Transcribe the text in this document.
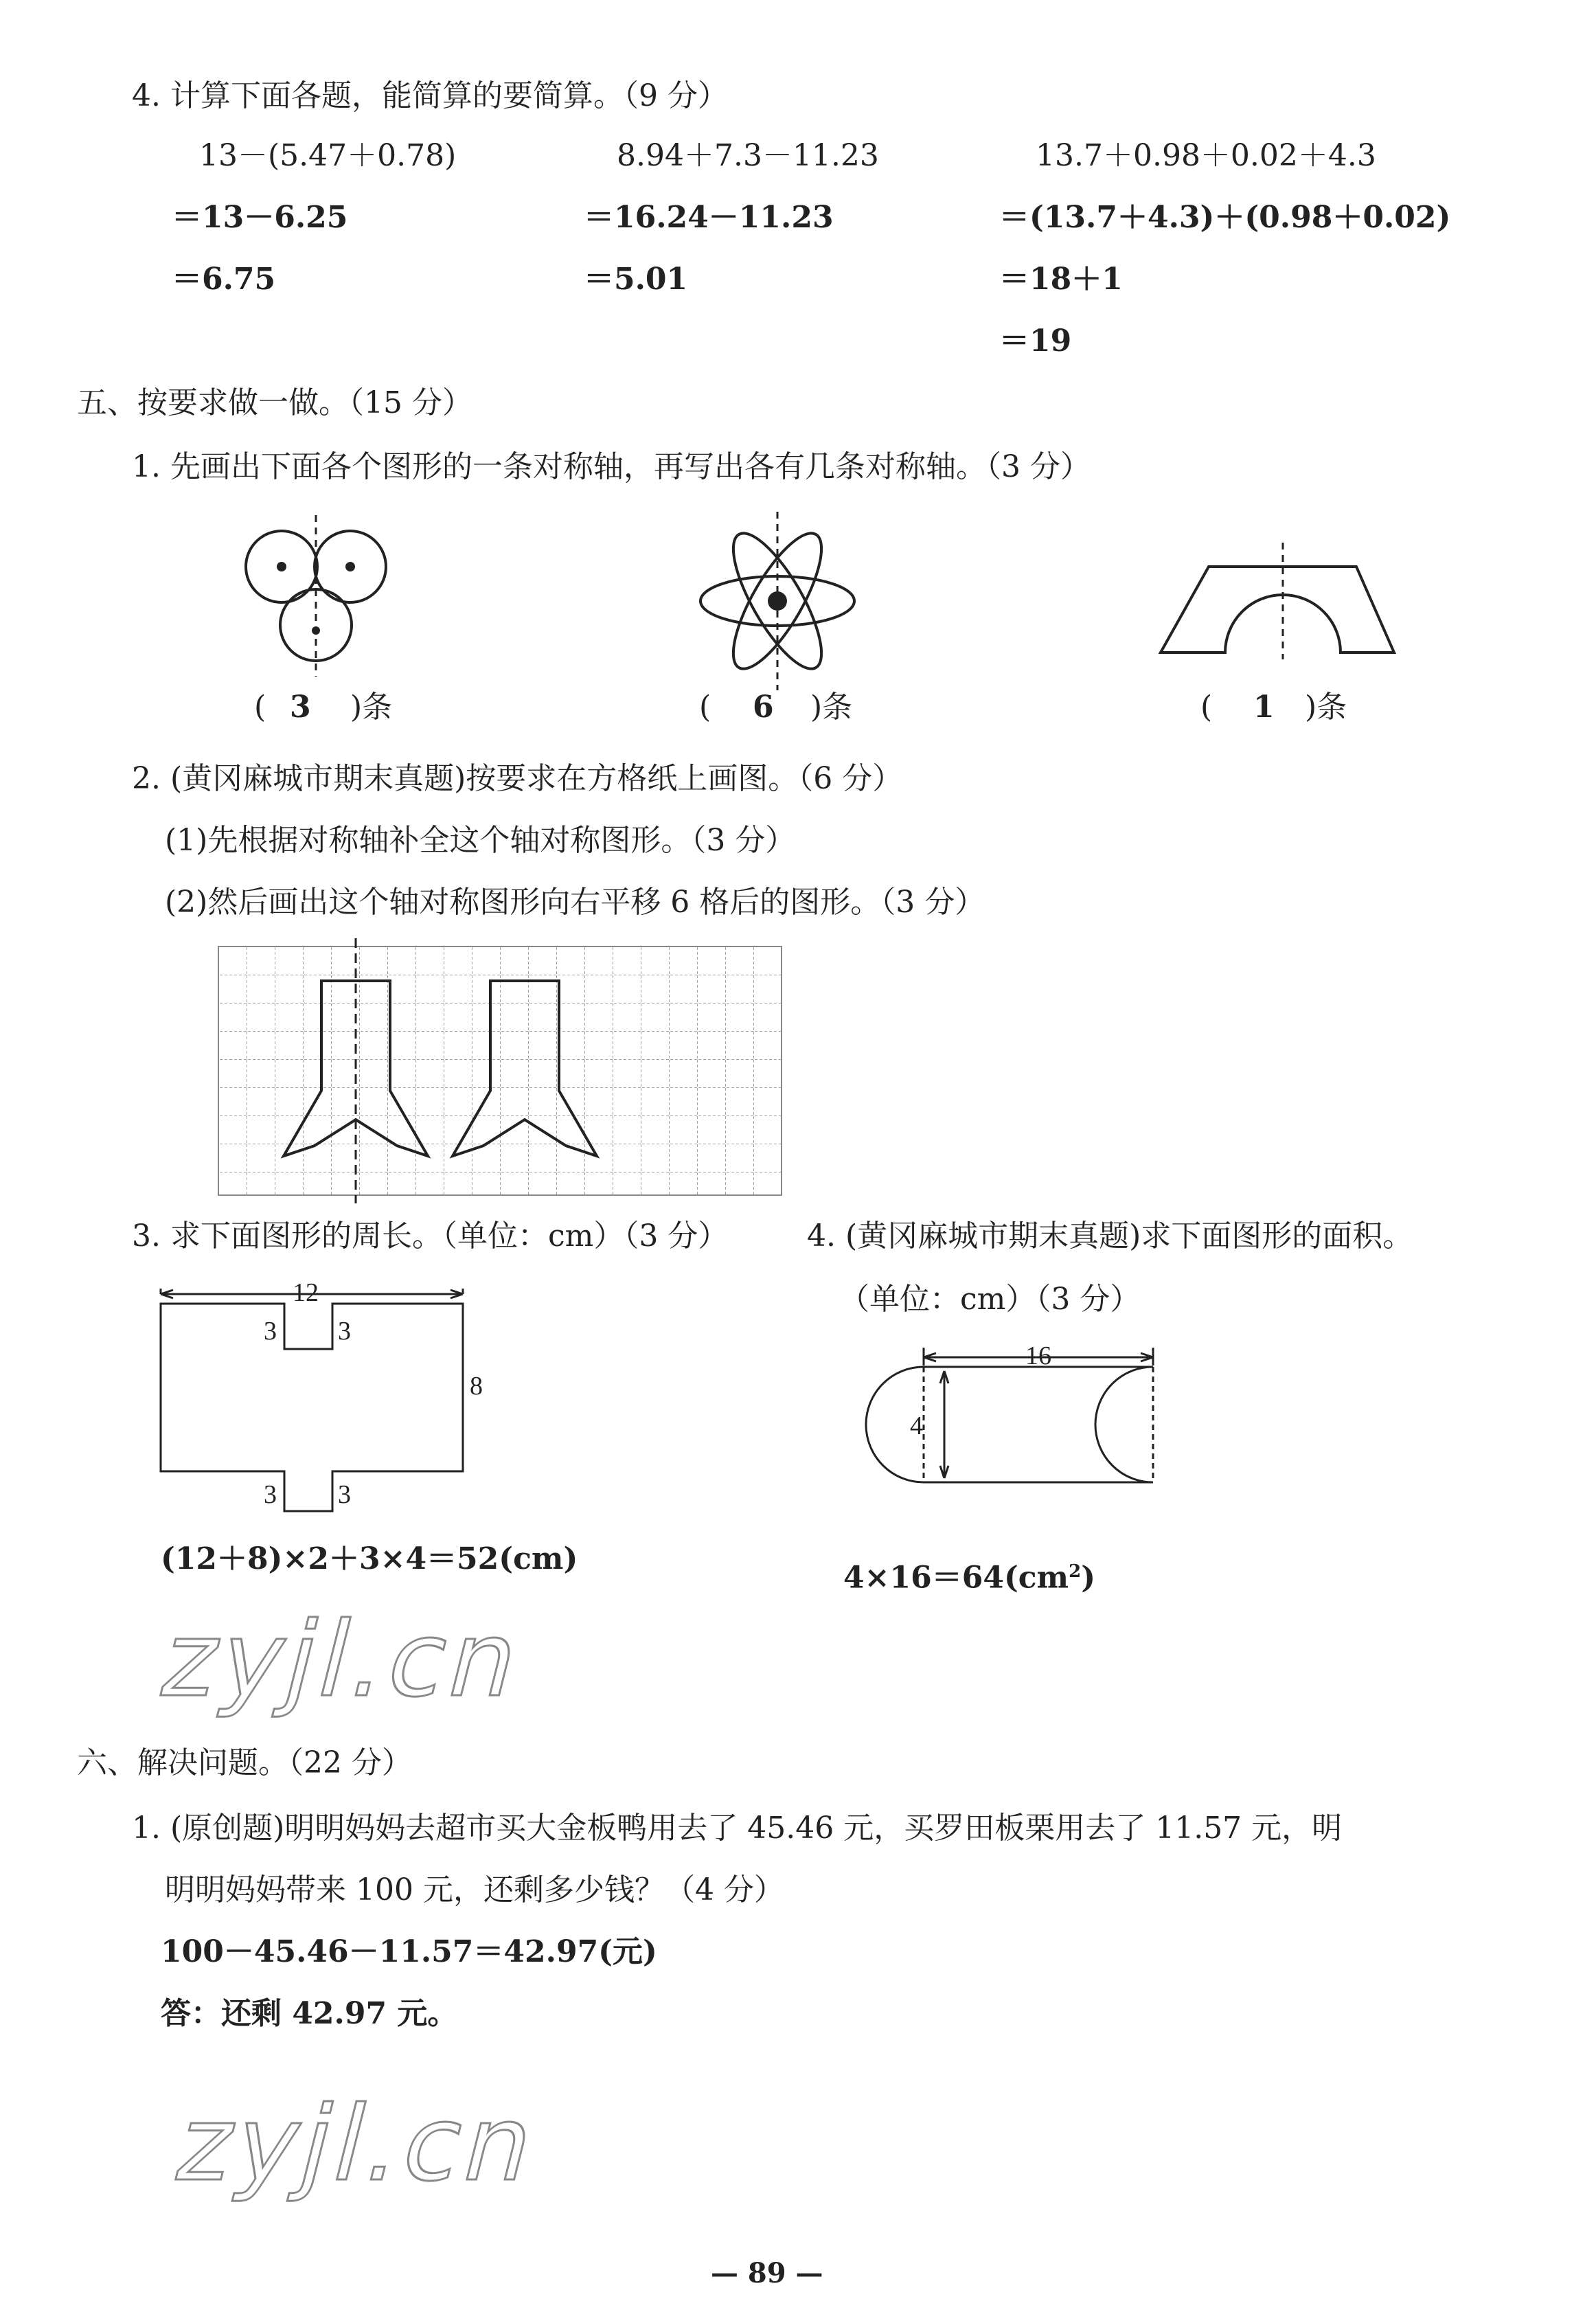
4. 计算下面各题，能简算的要简算。（9 分）
13－(5.47＋0.78)
＝13－6.25
＝6.75
8.94＋7.3－11.23
＝16.24－11.23
＝5.01
13.7＋0.98＋0.02＋4.3
＝(13.7＋4.3)＋(0.98＋0.02)
＝18＋1
＝19
五、按要求做一做。（15 分）
1. 先画出下面各个图形的一条对称轴，再写出各有几条对称轴。（3 分）
( 3 )条	( 6 )条	( 1 )条
2. (黄冈麻城市期末真题)按要求在方格纸上画图。（6 分）
(1)先根据对称轴补全这个轴对称图形。（3 分）
(2)然后画出这个轴对称图形向右平移 6 格后的图形。（3 分）
3. 求下面图形的周长。（单位：cm）（3 分）
12
3 3
8
3 3
(12＋8)×2＋3×4＝52(cm)
4. (黄冈麻城市期末真题)求下面图形的面积。
（单位：cm）（3 分）
16
4
$4\times 16=64(cm^2)$
zyjl.cn
六、解决问题。（22 分）
1. (原创题)明明妈妈去超市买大金板鸭用去了 45.46 元，买罗田板栗用去了 11.57 元，明
明明妈妈带来 100 元，还剩多少钱？（4 分）
100－45.46－11.57＝42.97(元)
答：还剩 42.97 元。
zyjl.cn
— 89 —
